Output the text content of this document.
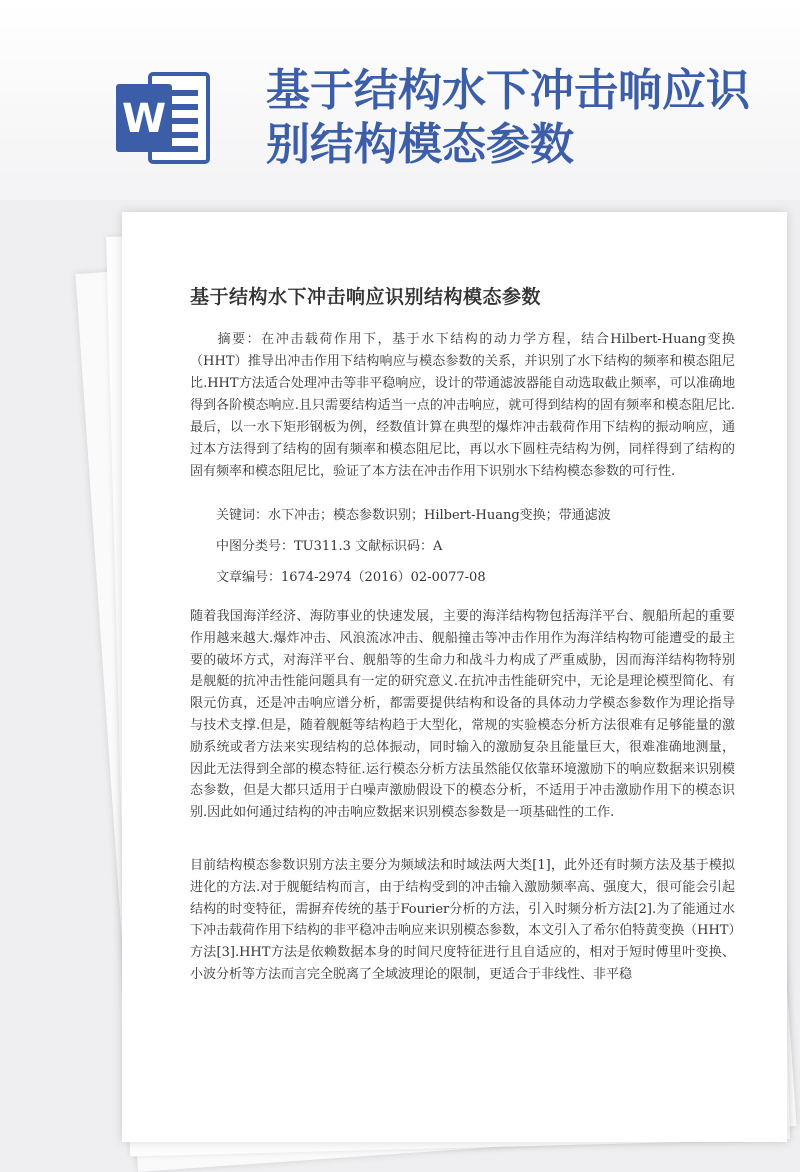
W
基于结构水下冲击响应识别结构模态参数
基于结构水下冲击响应识别结构模态参数

摘要：在冲击载荷作用下，基于水下结构的动力学方程，结合Hilbert-Huang变换（HHT）推导出冲击作用下结构响应与模态参数的关系，并识别了水下结构的频率和模态阻尼比.HHT方法适合处理冲击等非平稳响应，设计的带通滤波器能自动选取截止频率，可以准确地得到各阶模态响应.且只需要结构适当一点的冲击响应，就可得到结构的固有频率和模态阻尼比.最后，以一水下矩形钢板为例，经数值计算在典型的爆炸冲击载荷作用下结构的振动响应，通过本方法得到了结构的固有频率和模态阻尼比，再以水下圆柱壳结构为例，同样得到了结构的固有频率和模态阻尼比，验证了本方法在冲击作用下识别水下结构模态参数的可行性.

关键词：水下冲击；模态参数识别；Hilbert-Huang变换；带通滤波

中图分类号：TU311.3 文献标识码：A

文章编号：1674-2974（2016）02-0077-08

随着我国海洋经济、海防事业的快速发展，主要的海洋结构物包括海洋平台、舰船所起的重要作用越来越大.爆炸冲击、风浪流冰冲击、舰船撞击等冲击作用作为海洋结构物可能遭受的最主要的破坏方式，对海洋平台、舰船等的生命力和战斗力构成了严重威胁，因而海洋结构物特别是舰艇的抗冲击性能问题具有一定的研究意义.在抗冲击性能研究中，无论是理论模型简化、有限元仿真，还是冲击响应谱分析，都需要提供结构和设备的具体动力学模态参数作为理论指导与技术支撑.但是，随着舰艇等结构趋于大型化，常规的实验模态分析方法很难有足够能量的激励系统或者方法来实现结构的总体振动，同时输入的激励复杂且能量巨大，很难准确地测量，因此无法得到全部的模态特征.运行模态分析方法虽然能仅依靠环境激励下的响应数据来识别模态参数，但是大都只适用于白噪声激励假设下的模态分析，不适用于冲击激励作用下的模态识别.因此如何通过结构的冲击响应数据来识别模态参数是一项基础性的工作.

目前结构模态参数识别方法主要分为频域法和时域法两大类[1]，此外还有时频方法及基于模拟进化的方法.对于舰艇结构而言，由于结构受到的冲击输入激励频率高、强度大，很可能会引起结构的时变特征，需摒弃传统的基于Fourier分析的方法，引入时频分析方法[2].为了能通过水下冲击载荷作用下结构的非平稳冲击响应来识别模态参数，本文引入了希尔伯特黄变换（HHT）方法[3].HHT方法是依赖数据本身的时间尺度特征进行且自适应的，相对于短时傅里叶变换、小波分析等方法而言完全脱离了全域波理论的限制，更适合于非线性、非平稳
